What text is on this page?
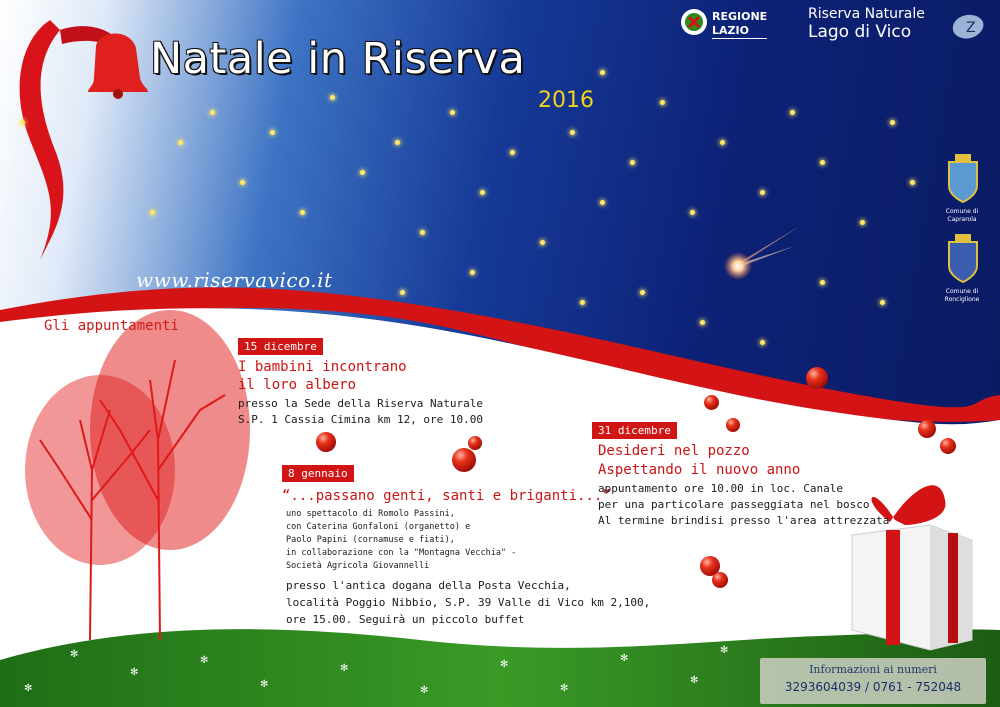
Natale in Riserva
2016
www.riservavico.it
REGIONE
LAZIO
Riserva Naturale
Lago di Vico	Z
Comune di Caprarola
Comune di Ronciglione
Gli appuntamenti
15 dicembre
I bambini incontrano
il loro albero
presso la Sede della Riserva Naturale
S.P. 1 Cassia Cimina km 12, ore 10.00
8 gennaio
“...passano genti, santi e briganti...”
uno spettacolo di Romolo Passini,
con Caterina Gonfaloni (organetto) e
Paolo Papini (cornamuse e fiati),
in collaborazione con la "Montagna Vecchia" -
Società Agricola Giovannelli
presso l'antica dogana della Posta Vecchia,
località Poggio Nibbio, S.P. 39 Valle di Vico km 2,100,
ore 15.00. Seguirà un piccolo buffet
31 dicembre
Desideri nel pozzo
Aspettando il nuovo anno
appuntamento ore 10.00 in loc. Canale
per una particolare passeggiata nel bosco
Al termine brindisi presso l'area attrezzata
✻
✻
✻
✻
✻
✻
✻
✻
✻
✻
✻
✻
Informazioni ai numeri
3293604039 / 0761 - 752048
